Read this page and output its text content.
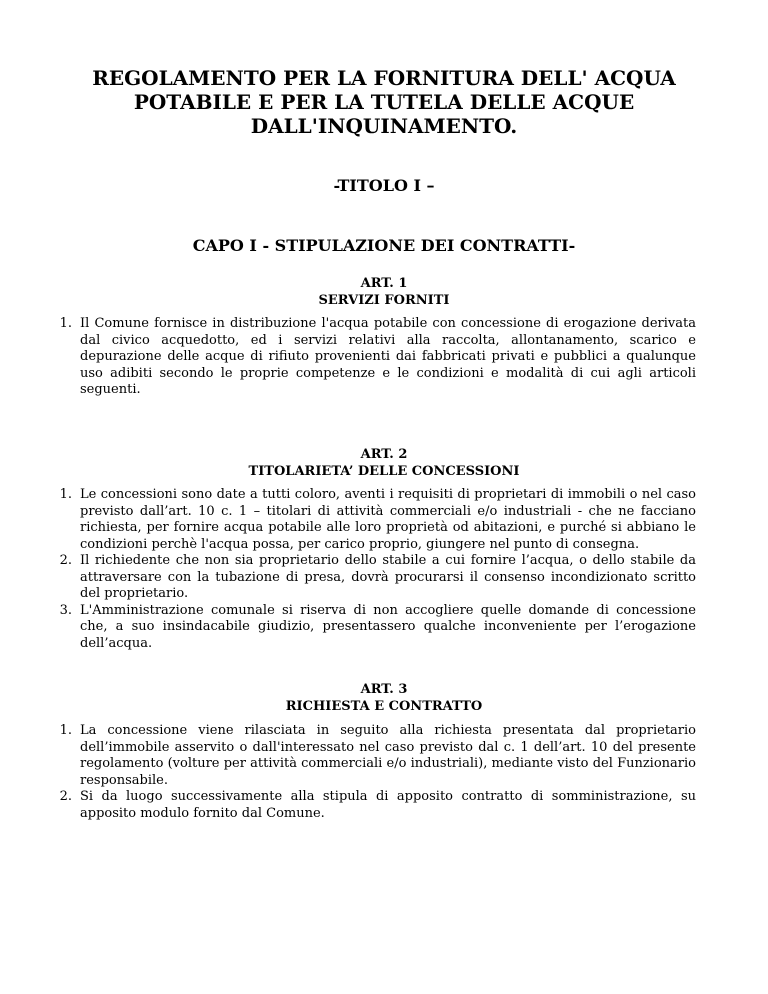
REGOLAMENTO PER LA FORNITURA DELL' ACQUA POTABILE E PER LA TUTELA DELLE ACQUE DALL'INQUINAMENTO.
-TITOLO I –
CAPO I - STIPULAZIONE DEI CONTRATTI-
ART. 1
SERVIZI FORNITI
1. Il Comune fornisce in distribuzione l'acqua potabile con concessione di erogazione derivata dal civico acquedotto, ed i servizi relativi alla raccolta, allontanamento, scarico e depurazione delle acque di rifiuto provenienti dai fabbricati privati e pubblici a qualunque uso adibiti secondo le proprie competenze e le condizioni e modalità di cui agli articoli seguenti.
ART. 2
TITOLARIETA’ DELLE CONCESSIONI
1. Le concessioni sono date a tutti coloro, aventi i requisiti di proprietari di immobili o nel caso previsto dall’art. 10 c. 1 – titolari di attività commerciali e/o industriali - che ne facciano richiesta, per fornire acqua potabile alle loro proprietà od abitazioni, e purché si abbiano le condizioni perchè l'acqua possa, per carico proprio, giungere nel punto di consegna.
2. Il richiedente che non sia proprietario dello stabile a cui fornire l’acqua, o dello stabile da attraversare con la tubazione di presa, dovrà procurarsi il consenso incondizionato scritto del proprietario.
3. L'Amministrazione comunale si riserva di non accogliere quelle domande di concessione che, a suo insindacabile giudizio, presentassero qualche inconveniente per l’erogazione dell’acqua.
ART. 3
RICHIESTA E CONTRATTO
1. La concessione viene rilasciata in seguito alla richiesta presentata dal proprietario dell’immobile asservito o dall'interessato nel caso previsto dal c. 1 dell’art. 10 del presente regolamento (volture per attività commerciali e/o industriali), mediante visto del Funzionario responsabile.
2. Si da luogo successivamente alla stipula di apposito contratto di somministrazione, su apposito modulo fornito dal Comune.
